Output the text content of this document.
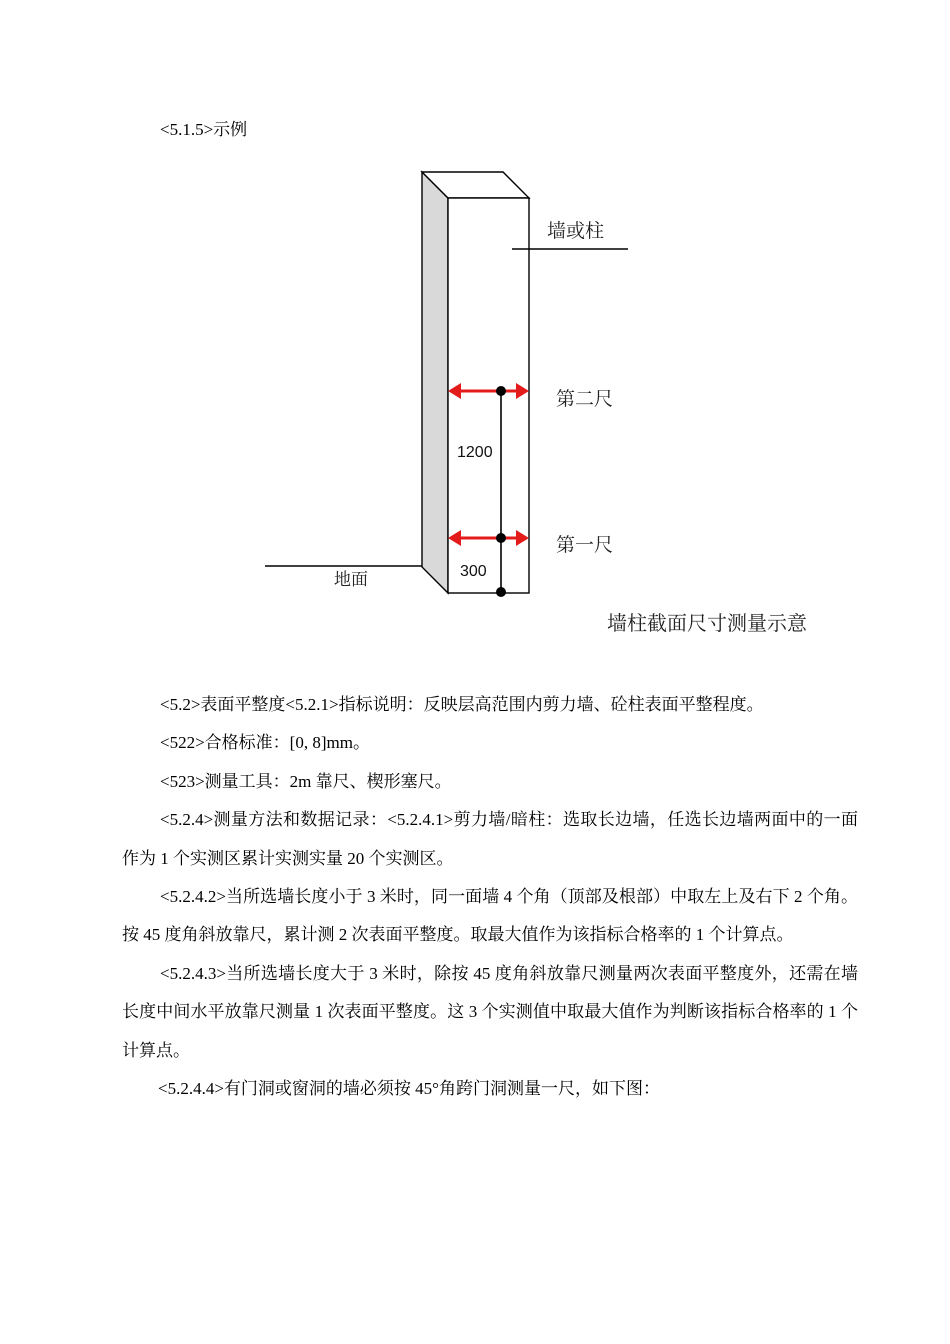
<5.1.5>示例
墙或柱
第二尺
第一尺
地面
1200
300
墙柱截面尺寸测量示意

<5.2>表面平整度<5.2.1>指标说明：反映层高范围内剪力墙、砼柱表面平整程度。

<522>合格标准：[0, 8]mm。

<523>测量工具：2m 靠尺、楔形塞尺。

<5.2.4>测量方法和数据记录：<5.2.4.1>剪力墙/暗柱：选取长边墙，任选长边墙两面中的一面作为 1 个实测区累计实测实量 20 个实测区。

<5.2.4.2>当所选墙长度小于 3 米时，同一面墙 4 个角（顶部及根部）中取左上及右下 2 个角。按 45 度角斜放靠尺，累计测 2 次表面平整度。取最大值作为该指标合格率的 1 个计算点。

<5.2.4.3>当所选墙长度大于 3 米时，除按 45 度角斜放靠尺测量两次表面平整度外，还需在墙长度中间水平放靠尺测量 1 次表面平整度。这 3 个实测值中取最大值作为判断该指标合格率的 1 个计算点。

<5.2.4.4>有门洞或窗洞的墙必须按 45°角跨门洞测量一尺，如下图：
